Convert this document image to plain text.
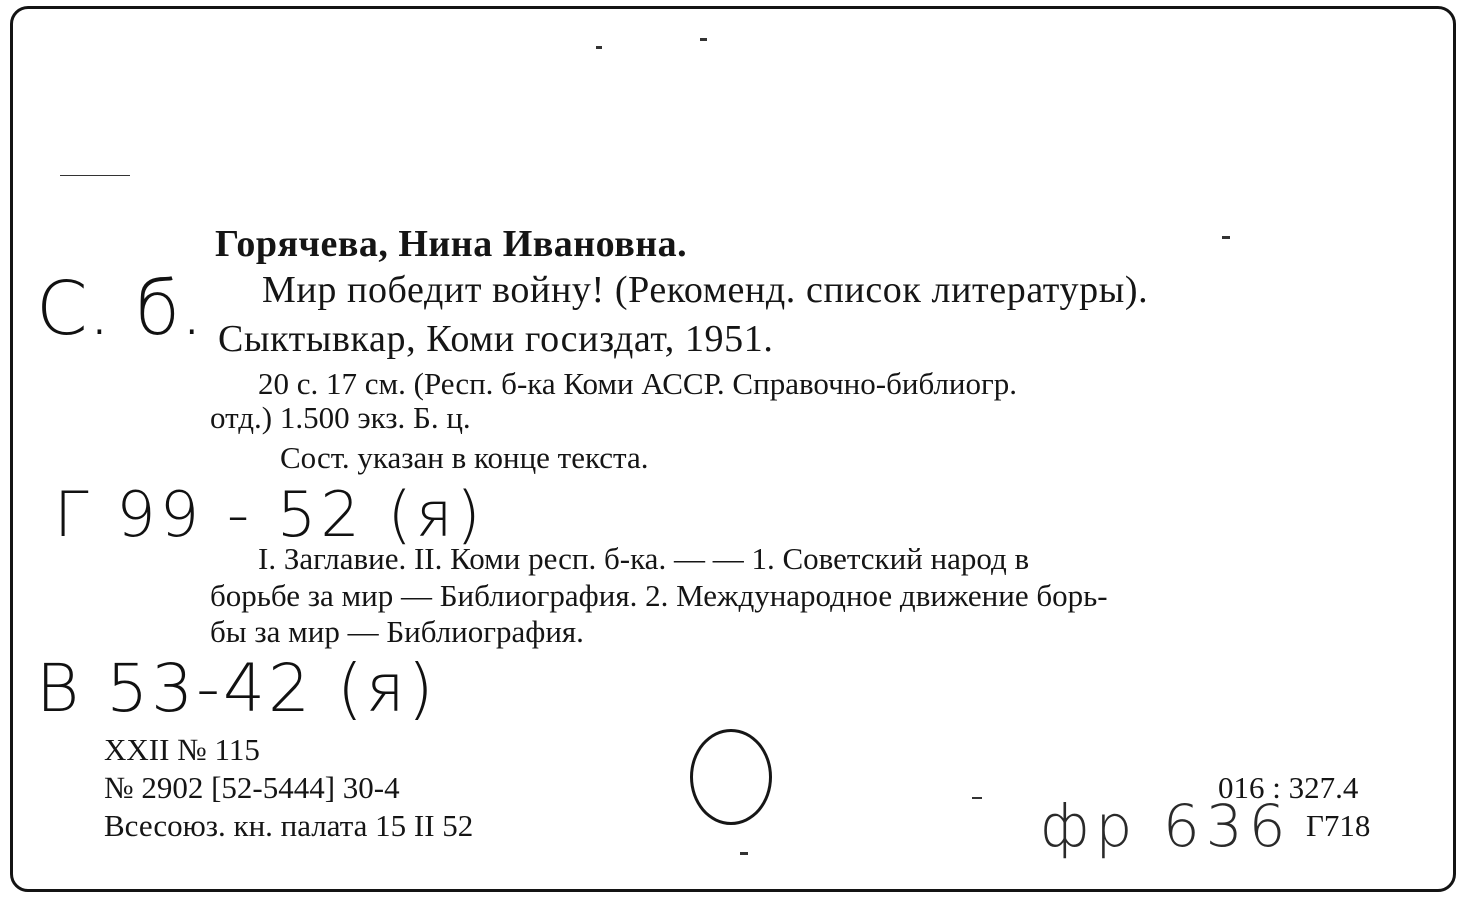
С. б.
Г 99 - 52 (я)
В 53-42 (я)
фр 636
Горячева, Нина Ивановна.
Мир победит войну! (Рекоменд. список литературы).
Сыктывкар, Коми госиздат, 1951.
20 с. 17 см. (Респ. б-ка Коми АССР. Справочно-библиогр.
отд.) 1.500 экз. Б. ц.
Сост. указан в конце текста.
I. Заглавие. II. Коми респ. б-ка. — — 1. Советский народ в
борьбе за мир — Библиография. 2. Международное движение борь-
бы за мир — Библиография.
XXII № 115
№ 2902 [52-5444] 30-4
Всесоюз. кн. палата 15 II 52
016 : 327.4
Г718
